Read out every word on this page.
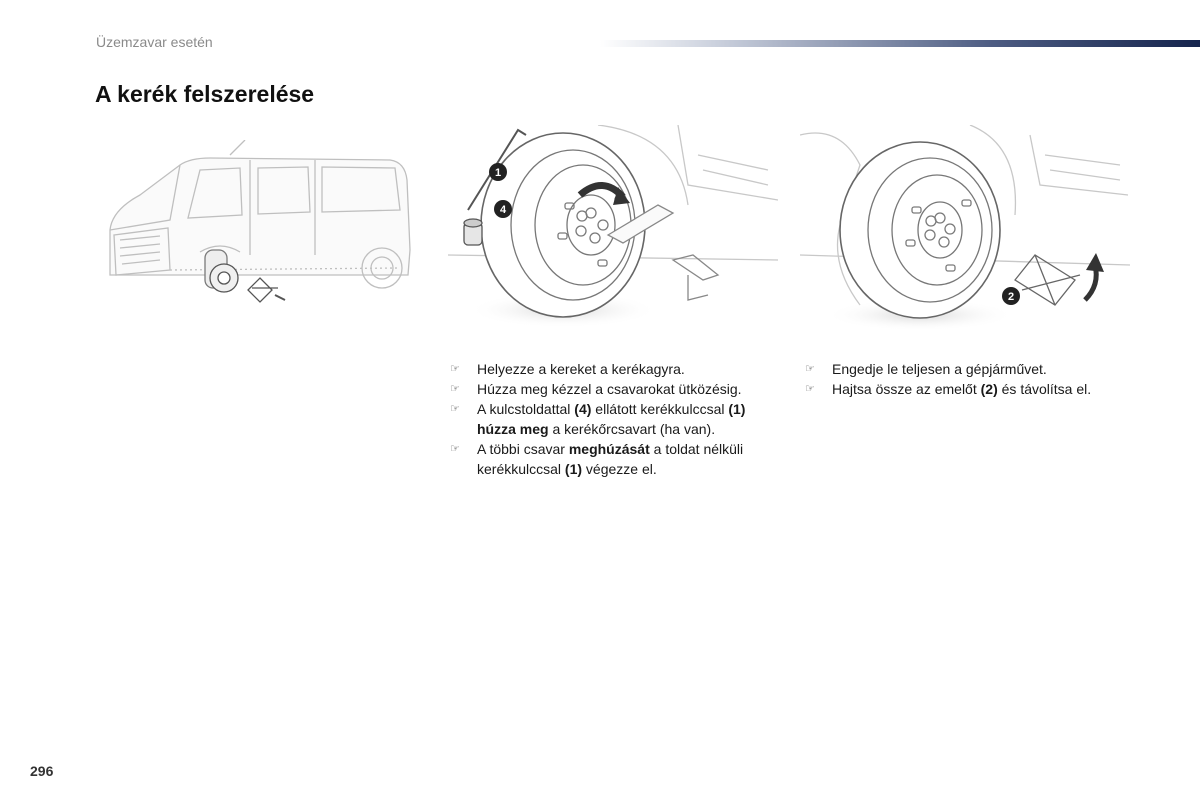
Üzemzavar esetén
A kerék felszerelése
1
4
2
☞ Helyezze a kereket a kerékagyra.
☞ Húzza meg kézzel a csavarokat ütközésig.
☞ A kulcstoldattal (4) ellátott kerékkulccsal (1) húzza meg a kerékőrcsavart (ha van).
☞ A többi csavar meghúzását a toldat nélküli kerékkulccsal (1) végezze el.
☞ Engedje le teljesen a gépjárművet.
☞ Hajtsa össze az emelőt (2) és távolítsa el.
296
